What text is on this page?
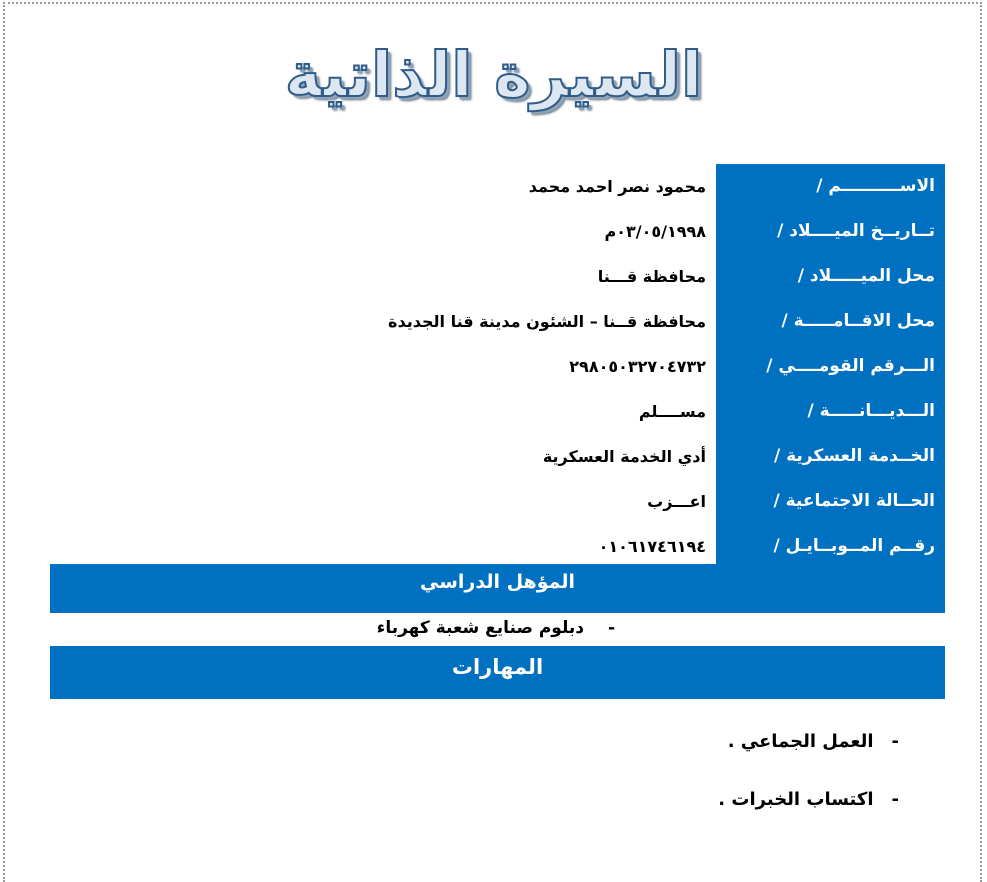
السيرة الذاتية
الاســــــــــم /
محمود نصر احمد محمد
تــاريــخ الميــــلاد /
٠٣/٠٥/١٩٩٨م
محل الميـــــلاد /
محافظة قـــنا
محل الاقــامـــــة /
محافظة قــنا – الشئون مدينة قنا الجديدة
الـــرقم القومــــي /
٢٩٨٠٥٠٣٢٧٠٤٧٣٢
الـــديـــانـــــة /
مســــلم
الخــدمة العسكرية /
أدي الخدمة العسكرية
الحــالة الاجتماعية /
اعـــزب
رقــم المــوبــايـل /
٠١٠٦١٧٤٦١٩٤
المؤهل الدراسي
- دبلوم صنايع شعبة كهرباء
المهارات
-العمل الجماعي .
-اكتساب الخبرات .
